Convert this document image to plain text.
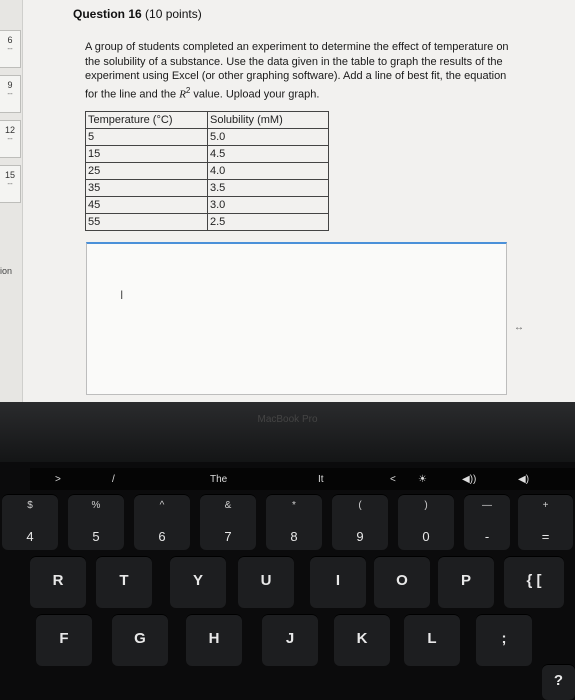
6
--
9
--
12
--
15
--
ion
Question 16 (10 points)
A group of students completed an experiment to determine the effect of temperature on the solubility of a substance. Use the data given in the table to graph the results of the experiment using Excel (or other graphing software). Add a line of best fit, the equation for the line and the $R^2$ value. Upload your graph.
Temperature (°C)	Solubility (mM)
5	5.0
15	4.5
25	4.0
35	3.5
45	3.0
55	2.5
I
↔
MacBook Pro
>	/	The	It	< ☀	◀))	◀)
$
4
%
5
^
6
&
7
*
8
(
9
)
0
—
-
+
=
R	T	Y	U	I	O	P	{ [
F	G	H	J	K	L	;
?
